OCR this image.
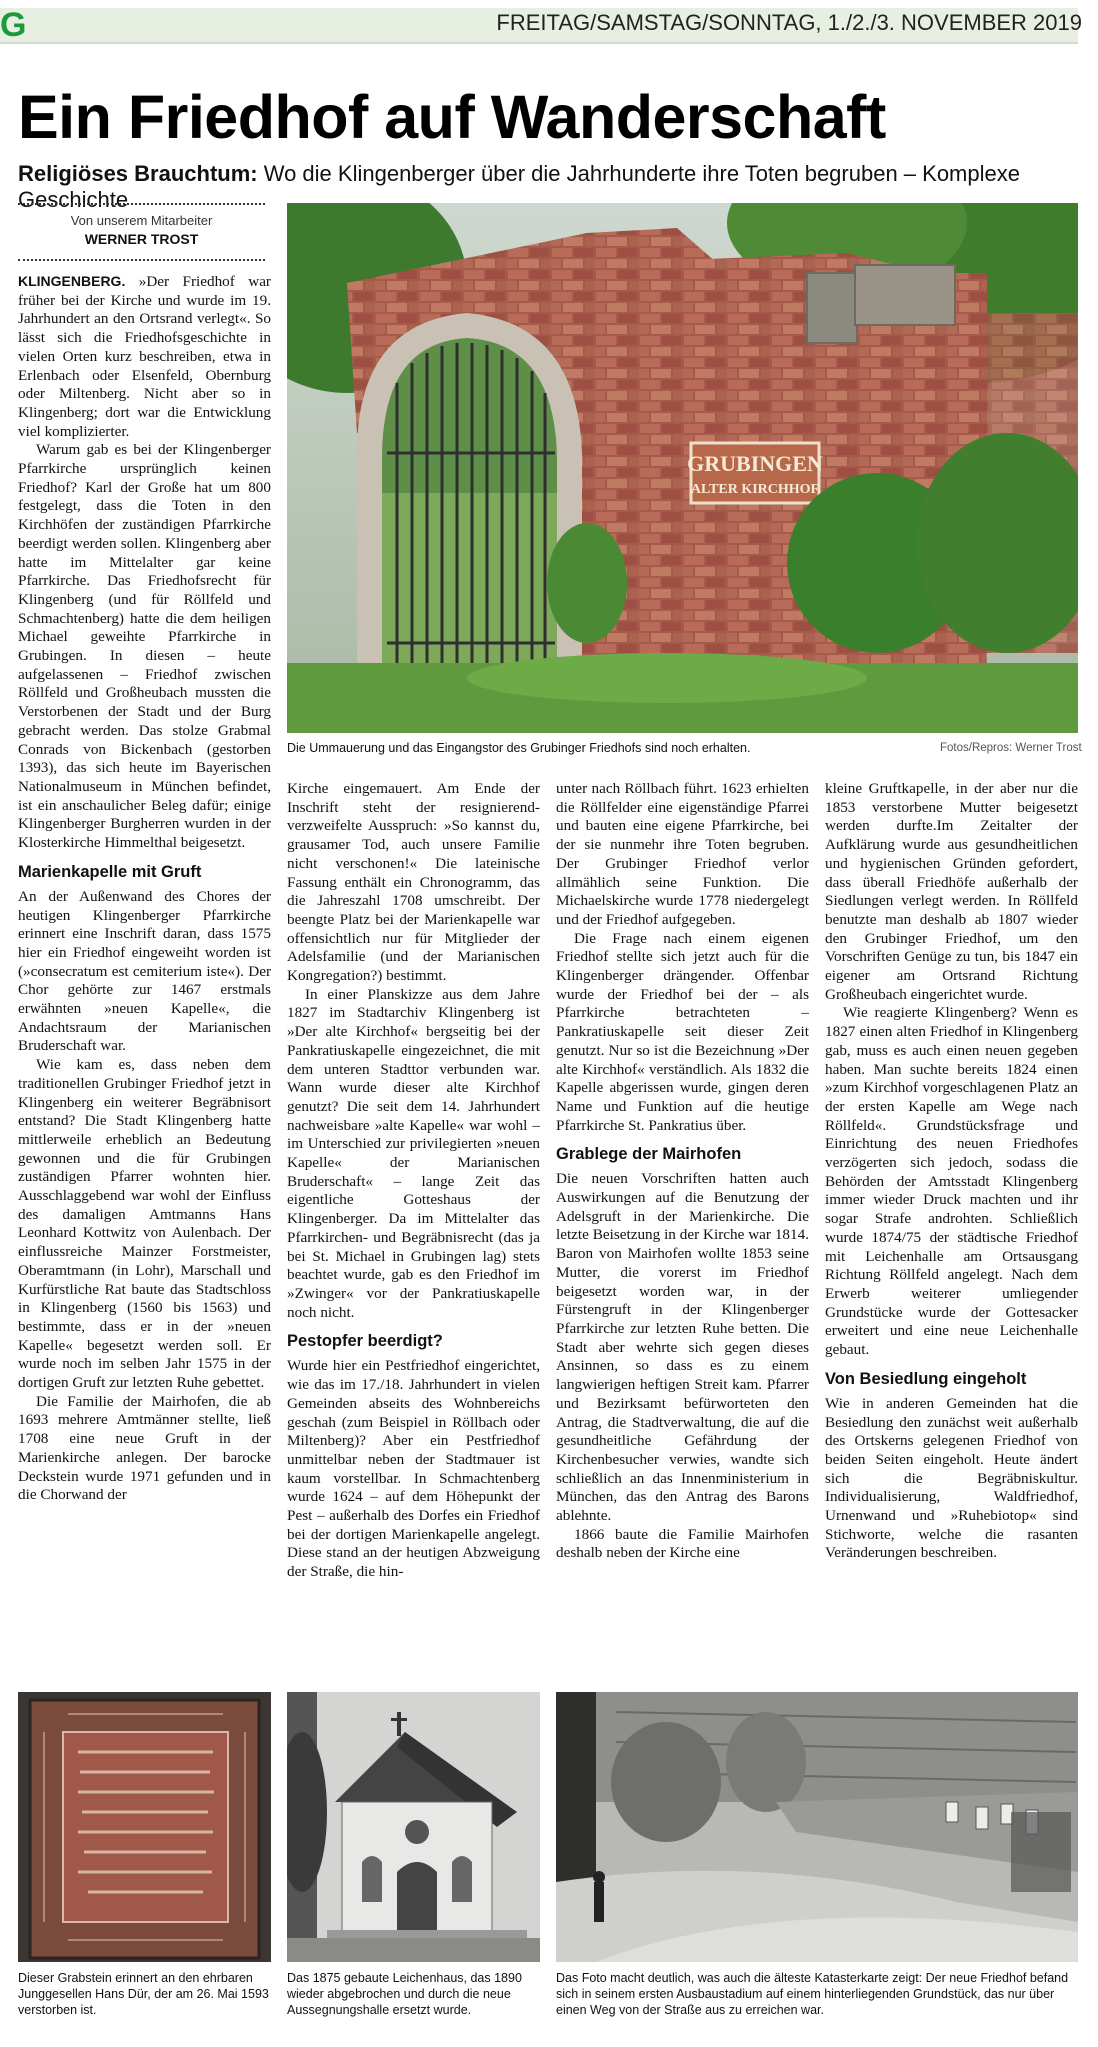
G	FREITAG/SAMSTAG/SONNTAG, 1./2./3. NOVEMBER 2019
Ein Friedhof auf Wanderschaft
Religiöses Brauchtum: Wo die Klingenberger über die Jahrhunderte ihre Toten begruben – Komplexe Geschichte
Von unserem Mitarbeiter
WERNER TROST
GRUBINGEN
ALTER KIRCHHOF
Die Ummauerung und das Eingangstor des Grubinger Friedhofs sind noch erhalten.	Fotos/Repros: Werner Trost

KLINGENBERG. »Der Friedhof war früher bei der Kirche und wurde im 19. Jahrhundert an den Ortsrand verlegt«. So lässt sich die Friedhofsgeschichte in vielen Orten kurz beschreiben, etwa in Erlenbach oder Elsenfeld, Obernburg oder Miltenberg. Nicht aber so in Klingenberg; dort war die Entwicklung viel komplizierter.

Warum gab es bei der Klingenberger Pfarrkirche ursprünglich keinen Friedhof? Karl der Große hat um 800 festgelegt, dass die Toten in den Kirchhöfen der zuständigen Pfarrkirche beerdigt werden sollen. Klingenberg aber hatte im Mittelalter gar keine Pfarrkirche. Das Friedhofsrecht für Klingenberg (und für Röllfeld und Schmachtenberg) hatte die dem heiligen Michael geweihte Pfarrkirche in Grubingen. In diesen – heute aufgelassenen – Friedhof zwischen Röllfeld und Großheubach mussten die Verstorbenen der Stadt und der Burg gebracht werden. Das stolze Grabmal Conrads von Bickenbach (gestorben 1393), das sich heute im Bayerischen Nationalmuseum in München befindet, ist ein anschaulicher Beleg dafür; einige Klingenberger Burgherren wurden in der Klosterkirche Himmelthal beigesetzt.

Marienkapelle mit Gruft

An der Außenwand des Chores der heutigen Klingenberger Pfarrkirche erinnert eine Inschrift daran, dass 1575 hier ein Friedhof eingeweiht worden ist (»consecratum est cemiterium iste«). Der Chor gehörte zur 1467 erstmals erwähnten »neuen Kapelle«, die Andachtsraum der Marianischen Bruderschaft war.

Wie kam es, dass neben dem traditionellen Grubinger Friedhof jetzt in Klingenberg ein weiterer Begräbnisort entstand? Die Stadt Klingenberg hatte mittlerweile erheblich an Bedeutung gewonnen und die für Grubingen zuständigen Pfarrer wohnten hier. Ausschlaggebend war wohl der Einfluss des damaligen Amtmanns Hans Leonhard Kottwitz von Aulenbach. Der einflussreiche Mainzer Forstmeister, Oberamtmann (in Lohr), Marschall und Kurfürstliche Rat baute das Stadtschloss in Klingenberg (1560 bis 1563) und bestimmte, dass er in der »neuen Kapelle« begesetzt werden soll. Er wurde noch im selben Jahr 1575 in der dortigen Gruft zur letzten Ruhe gebettet.

Die Familie der Mairhofen, die ab 1693 mehrere Amtmänner stellte, ließ 1708 eine neue Gruft in der Marienkirche anlegen. Der barocke Deckstein wurde 1971 gefunden und in die Chorwand der

Kirche eingemauert. Am Ende der Inschrift steht der resignierend-verzweifelte Ausspruch: »So kannst du, grausamer Tod, auch unsere Familie nicht verschonen!« Die lateinische Fassung enthält ein Chronogramm, das die Jahreszahl 1708 umschreibt. Der beengte Platz bei der Marienkapelle war offensichtlich nur für Mitglieder der Adelsfamilie (und der Marianischen Kongregation?) bestimmt.

In einer Planskizze aus dem Jahre 1827 im Stadtarchiv Klingenberg ist »Der alte Kirchhof« bergseitig bei der Pankratiuskapelle eingezeichnet, die mit dem unteren Stadttor verbunden war. Wann wurde dieser alte Kirchhof genutzt? Die seit dem 14. Jahrhundert nachweisbare »alte Kapelle« war wohl – im Unterschied zur privilegierten »neuen Kapelle« der Marianischen Bruderschaft« – lange Zeit das eigentliche Gotteshaus der Klingenberger. Da im Mittelalter das Pfarrkirchen- und Begräbnisrecht (das ja bei St. Michael in Grubingen lag) stets beachtet wurde, gab es den Friedhof im »Zwinger« vor der Pankratiuskapelle noch nicht.

Pestopfer beerdigt?

Wurde hier ein Pestfriedhof eingerichtet, wie das im 17./18. Jahrhundert in vielen Gemeinden abseits des Wohnbereichs geschah (zum Beispiel in Röllbach oder Miltenberg)? Aber ein Pestfriedhof unmittelbar neben der Stadtmauer ist kaum vorstellbar. In Schmachtenberg wurde 1624 – auf dem Höhepunkt der Pest – außerhalb des Dorfes ein Friedhof bei der dortigen Marienkapelle angelegt. Diese stand an der heutigen Abzweigung der Straße, die hin-

unter nach Röllbach führt. 1623 erhielten die Röllfelder eine eigenständige Pfarrei und bauten eine eigene Pfarrkirche, bei der sie nunmehr ihre Toten begruben. Der Grubinger Friedhof verlor allmählich seine Funktion. Die Michaelskirche wurde 1778 niedergelegt und der Friedhof aufgegeben.

Die Frage nach einem eigenen Friedhof stellte sich jetzt auch für die Klingenberger drängender. Offenbar wurde der Friedhof bei der – als Pfarrkirche betrachteten – Pankratiuskapelle seit dieser Zeit genutzt. Nur so ist die Bezeichnung »Der alte Kirchhof« verständlich. Als 1832 die Kapelle abgerissen wurde, gingen deren Name und Funktion auf die heutige Pfarrkirche St. Pankratius über.

Grablege der Mairhofen

Die neuen Vorschriften hatten auch Auswirkungen auf die Benutzung der Adelsgruft in der Marienkirche. Die letzte Beisetzung in der Kirche war 1814. Baron von Mairhofen wollte 1853 seine Mutter, die vorerst im Friedhof beigesetzt worden war, in der Fürstengruft in der Klingenberger Pfarrkirche zur letzten Ruhe betten. Die Stadt aber wehrte sich gegen dieses Ansinnen, so dass es zu einem langwierigen heftigen Streit kam. Pfarrer und Bezirksamt befürworteten den Antrag, die Stadtverwaltung, die auf die gesundheitliche Gefährdung der Kirchenbesucher verwies, wandte sich schließlich an das Innenministerium in München, das den Antrag des Barons ablehnte.

1866 baute die Familie Mairhofen deshalb neben der Kirche eine

kleine Gruftkapelle, in der aber nur die 1853 verstorbene Mutter beigesetzt werden durfte.Im Zeitalter der Aufklärung wurde aus gesundheitlichen und hygienischen Gründen gefordert, dass überall Friedhöfe außerhalb der Siedlungen verlegt werden. In Röllfeld benutzte man deshalb ab 1807 wieder den Grubinger Friedhof, um den Vorschriften Genüge zu tun, bis 1847 ein eigener am Ortsrand Richtung Großheubach eingerichtet wurde.

Wie reagierte Klingenberg? Wenn es 1827 einen alten Friedhof in Klingenberg gab, muss es auch einen neuen gegeben haben. Man suchte bereits 1824 einen »zum Kirchhof vorgeschlagenen Platz an der ersten Kapelle am Wege nach Röllfeld«. Grundstücksfrage und Einrichtung des neuen Friedhofes verzögerten sich jedoch, sodass die Behörden der Amtsstadt Klingenberg immer wieder Druck machten und ihr sogar Strafe androhten. Schließlich wurde 1874/75 der städtische Friedhof mit Leichenhalle am Ortsausgang Richtung Röllfeld angelegt. Nach dem Erwerb weiterer umliegender Grundstücke wurde der Gottesacker erweitert und eine neue Leichenhalle gebaut.

Von Besiedlung eingeholt

Wie in anderen Gemeinden hat die Besiedlung den zunächst weit außerhalb des Ortskerns gelegenen Friedhof von beiden Seiten eingeholt. Heute ändert sich die Begräbniskultur. Individualisierung, Waldfriedhof, Urnenwand und »Ruhebiotop« sind Stichworte, welche die rasanten Veränderungen beschreiben.

Dieser Grabstein erinnert an den ehrbaren Junggesellen Hans Dür, der am 26. Mai 1593 verstorben ist.
Das 1875 gebaute Leichenhaus, das 1890 wieder abgebrochen und durch die neue Aussegnungshalle ersetzt wurde.
Das Foto macht deutlich, was auch die älteste Katasterkarte zeigt: Der neue Friedhof befand sich in seinem ersten Ausbaustadium auf einem hinterliegenden Grundstück, das nur über einen Weg von der Straße aus zu erreichen war.
